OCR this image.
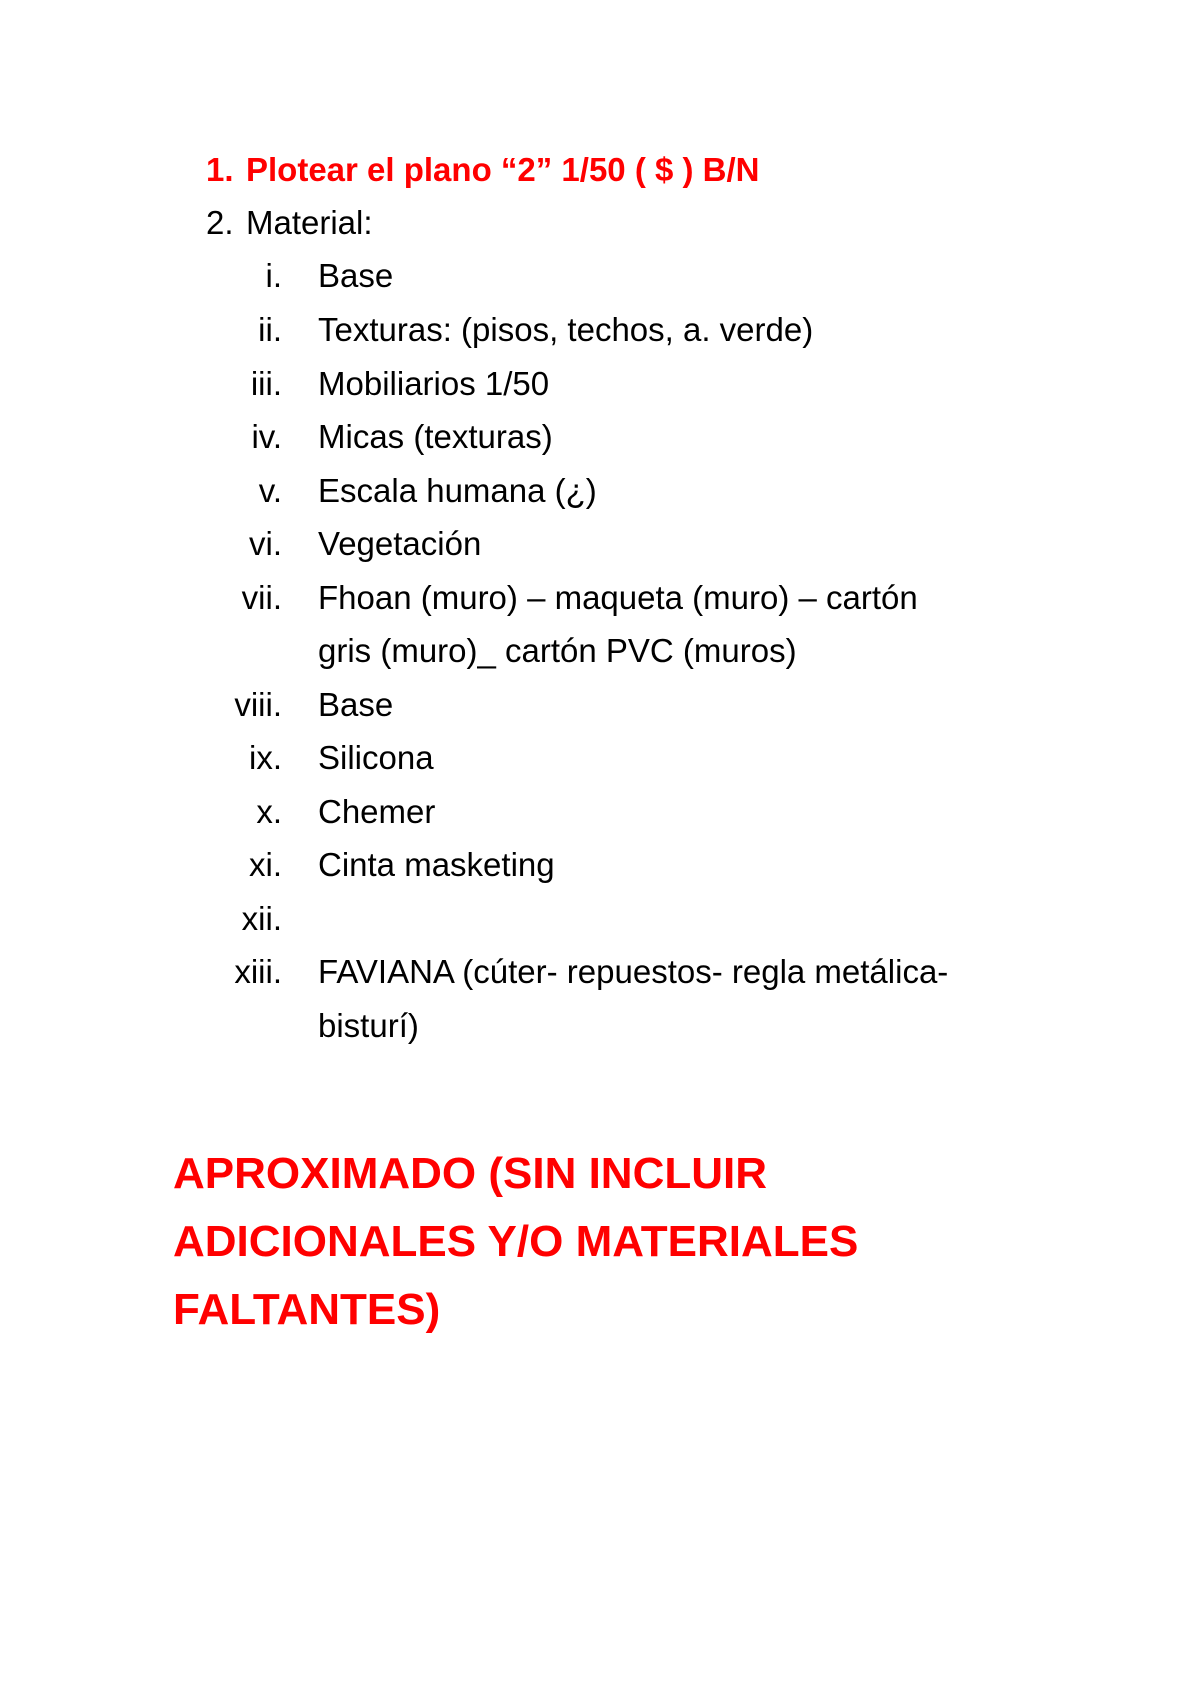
1. Plotear el plano “2” 1/50 ( $ ) B/N
2. Material:
i. Base
ii. Texturas: (pisos, techos, a. verde)
iii. Mobiliarios 1/50
iv. Micas (texturas)
v. Escala humana (¿)
vi. Vegetación
vii. Fhoan (muro) – maqueta (muro) – cartón
gris (muro)_ cartón PVC (muros)
viii. Base
ix. Silicona
x. Chemer
xi. Cinta masketing
xii.
xiii. FAVIANA (cúter- repuestos- regla metálica-
bisturí)
APROXIMADO (SIN INCLUIR
ADICIONALES Y/O MATERIALES
FALTANTES)
